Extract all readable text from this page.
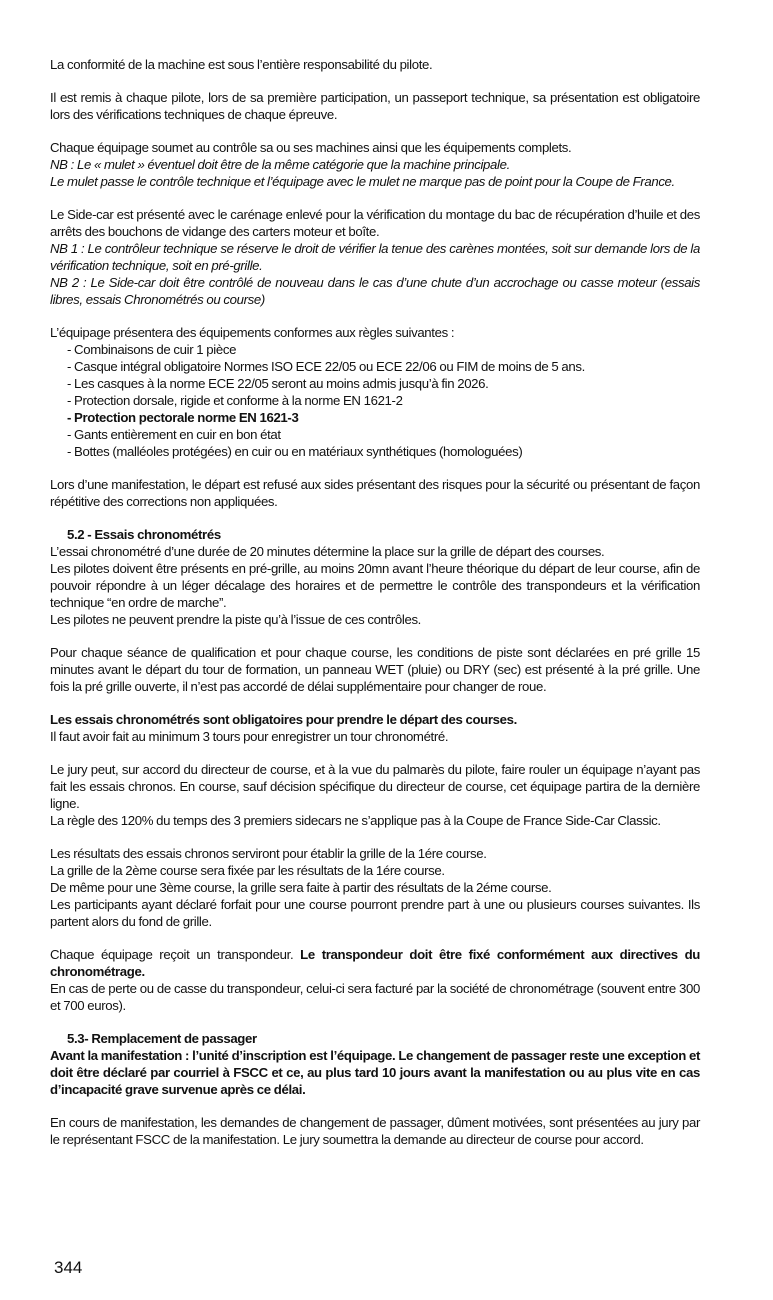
La conformité de la machine est sous l’entière responsabilité du pilote.

Il est remis à chaque pilote, lors de sa première participation, un passeport technique, sa présentation est obligatoire lors des vérifications techniques de chaque épreuve.

Chaque équipage soumet au contrôle sa ou ses machines ainsi que les équipements complets.

NB : Le « mulet » éventuel doit être de la même catégorie que la machine principale.

Le mulet passe le contrôle technique et l’équipage avec le mulet ne marque pas de point pour la Coupe de France.

Le Side-car est présenté avec le carénage enlevé pour la vérification du montage du bac de récupération d’huile et des arrêts des bouchons de vidange des carters moteur et boîte.

NB 1 : Le contrôleur technique se réserve le droit de vérifier la tenue des carènes montées, soit sur demande lors de la vérification technique, soit en pré-grille.

NB 2 : Le Side-car doit être contrôlé de nouveau dans le cas d’une chute d’un accrochage ou casse moteur (essais libres, essais Chronométrés ou course)

L’équipage présentera des équipements conformes aux règles suivantes :

- Combinaisons de cuir 1 pièce
- Casque intégral obligatoire Normes ISO ECE 22/05 ou ECE 22/06 ou FIM de moins de 5 ans.
- Les casques à la norme ECE 22/05 seront au moins admis jusqu’à fin 2026.
- Protection dorsale, rigide et conforme à la norme EN 1621-2
- Protection pectorale norme EN 1621-3
- Gants entièrement en cuir en bon état
- Bottes (malléoles protégées) en cuir ou en matériaux synthétiques (homologuées)

Lors d’une manifestation, le départ est refusé aux sides présentant des risques pour la sécurité ou présentant de façon répétitive des corrections non appliquées.

5.2 - Essais chronométrés

L’essai chronométré d’une durée de 20 minutes détermine la place sur la grille de départ des courses.

Les pilotes doivent être présents en pré-grille, au moins 20mn avant l’heure théorique du départ de leur course, afin de pouvoir répondre à un léger décalage des horaires et de permettre le contrôle des transpondeurs et la vérification technique “en ordre de marche”.

Les pilotes ne peuvent prendre la piste qu’à l’issue de ces contrôles.

Pour chaque séance de qualification et pour chaque course, les conditions de piste sont déclarées en pré grille 15 minutes avant le départ du tour de formation, un panneau WET (pluie) ou DRY (sec) est présenté à la pré grille. Une fois la pré grille ouverte, il n’est pas accordé de délai supplémentaire pour changer de roue.

Les essais chronométrés sont obligatoires pour prendre le départ des courses.

Il faut avoir fait au minimum 3 tours pour enregistrer un tour chronométré.

Le jury peut, sur accord du directeur de course, et à la vue du palmarès du pilote, faire rouler un équipage n’ayant pas fait les essais chronos. En course, sauf décision spécifique du directeur de course, cet équipage partira de la dernière ligne.

La règle des 120% du temps des 3 premiers sidecars ne s’applique pas à la Coupe de France Side-Car Classic.

Les résultats des essais chronos serviront pour établir la grille de la 1ére course.

La grille de la 2ème course sera fixée par les résultats de la 1ére course.

De même pour une 3ème course, la grille sera faite à partir des résultats de la 2éme course.

Les participants ayant déclaré forfait pour une course pourront prendre part à une ou plusieurs courses suivantes. Ils partent alors du fond de grille.

Chaque équipage reçoit un transpondeur. Le transpondeur doit être fixé conformément aux directives du chronométrage.

En cas de perte ou de casse du transpondeur, celui-ci sera facturé par la société de chronométrage (souvent entre 300 et 700 euros).

5.3- Remplacement de passager

Avant la manifestation : l’unité d’inscription est l’équipage. Le changement de passager reste une exception et doit être déclaré par courriel à FSCC et ce, au plus tard 10 jours avant la manifestation ou au plus vite en cas d’incapacité grave survenue après ce délai.

En cours de manifestation, les demandes de changement de passager, dûment motivées, sont présentées au jury par le représentant FSCC de la manifestation. Le jury soumettra la demande au directeur de course pour accord.

344
